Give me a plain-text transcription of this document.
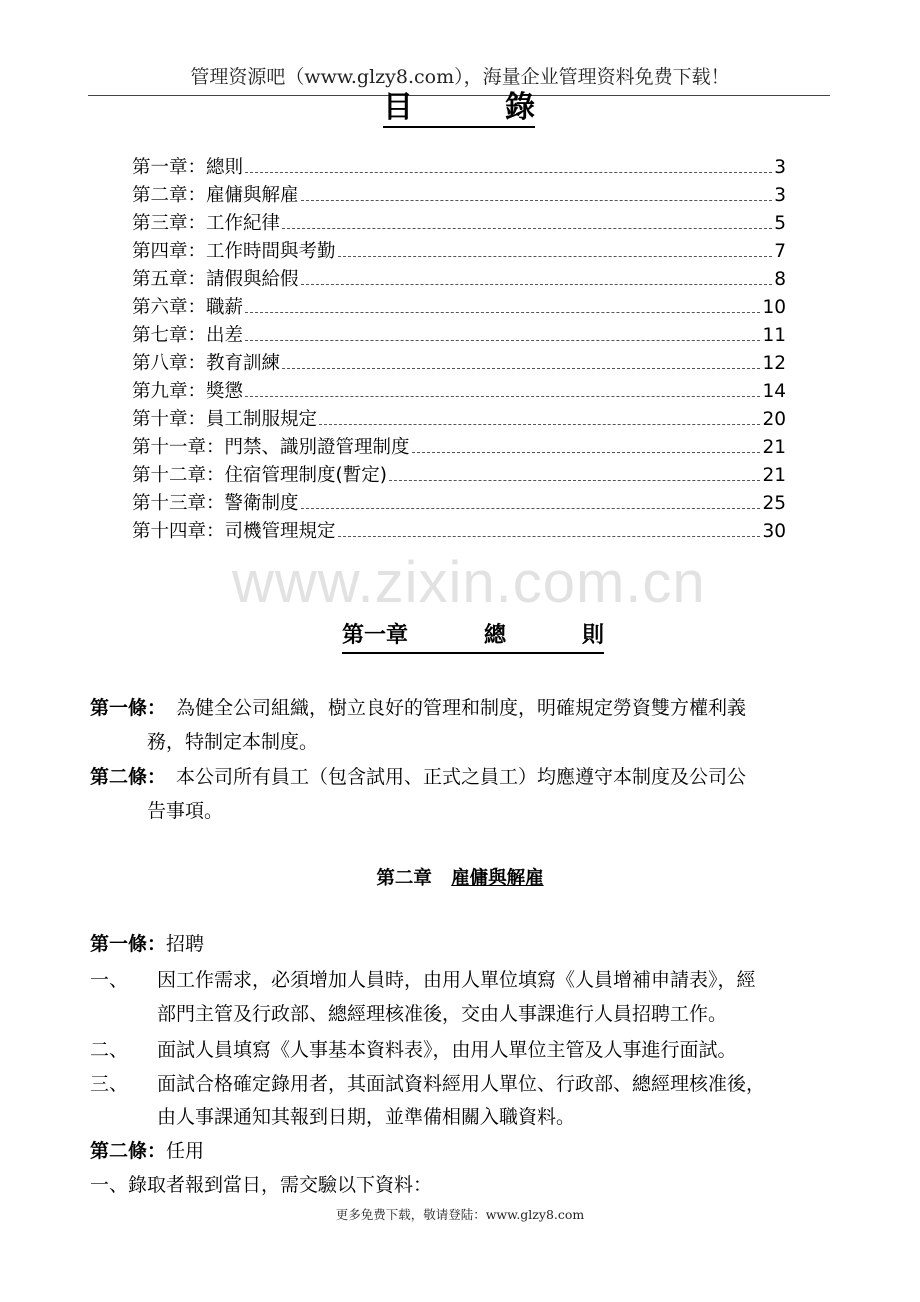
管理资源吧（www.glzy8.com），海量企业管理资料免费下载！
目	錄
第一章： 總則	3
第二章： 雇傭與解雇	3
第三章： 工作紀律	5
第四章： 工作時間與考勤	7
第五章： 請假與給假	8
第六章： 職薪	10
第七章： 出差	11
第八章： 教育訓練	12
第九章： 獎懲	14
第十章： 員工制服規定	20
第十一章： 門禁、識別證管理制度	21
第十二章： 住宿管理制度(暫定)	21
第十三章： 警衛制度	25
第十四章： 司機管理規定	30
www.zixin.com.cn
第一章	總	則
第一條： 為健全公司組織，樹立良好的管理和制度，明確規定勞資雙方權利義
務，特制定本制度。
第二條： 本公司所有員工（包含試用、正式之員工）均應遵守本制度及公司公
告事項。
第二章 雇傭與解雇
第一條：招聘
一、 因工作需求，必須增加人員時，由用人單位填寫《人員增補申請表》，經
部門主管及行政部、總經理核准後，交由人事課進行人員招聘工作。
二、 面試人員填寫《人事基本資料表》，由用人單位主管及人事進行面試。
三、 面試合格確定錄用者，其面試資料經用人單位、行政部、總經理核准後，
由人事課通知其報到日期，並準備相關入職資料。
第二條：任用
一、錄取者報到當日，需交驗以下資料：
更多免费下载，敬请登陆：www.glzy8.com
